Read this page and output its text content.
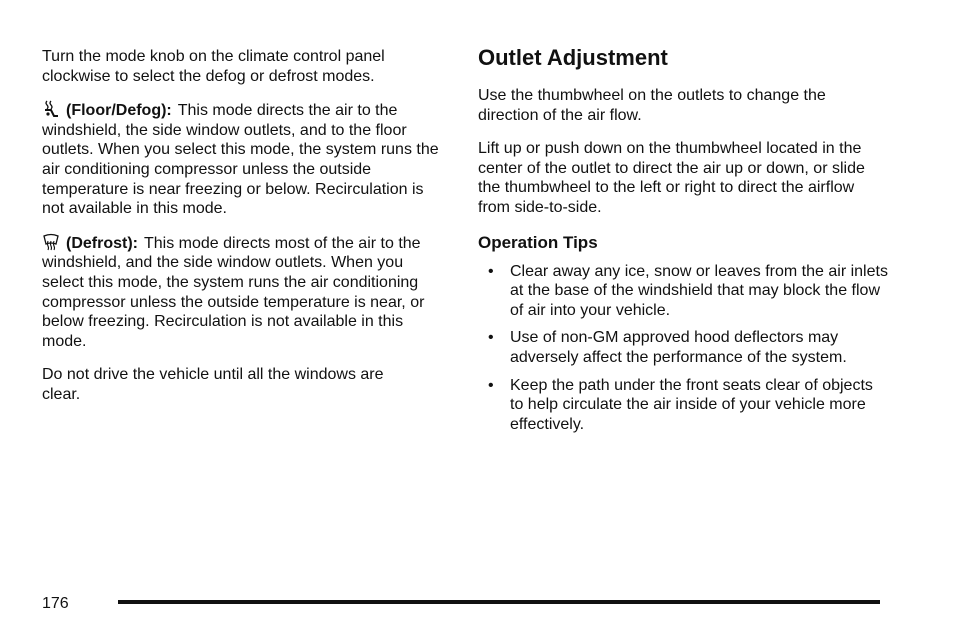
Turn the mode knob on the climate control panel clockwise to select the defog or defrost modes.

(Floor/Defog): This mode directs the air to the windshield, the side window outlets, and to the floor outlets. When you select this mode, the system runs the air conditioning compressor unless the outside temperature is near freezing or below. Recirculation is not available in this mode.

(Defrost): This mode directs most of the air to the windshield, and the side window outlets. When you select this mode, the system runs the air conditioning compressor unless the outside temperature is near, or below freezing. Recirculation is not available in this mode.

Do not drive the vehicle until all the windows are clear.

Outlet Adjustment

Use the thumbwheel on the outlets to change the direction of the air flow.

Lift up or push down on the thumbwheel located in the center of the outlet to direct the air up or down, or slide the thumbwheel to the left or right to direct the airflow from side-to-side.

Operation Tips
• Clear away any ice, snow or leaves from the air inlets at the base of the windshield that may block the flow of air into your vehicle.
• Use of non-GM approved hood deflectors may adversely affect the performance of the system.
• Keep the path under the front seats clear of objects to help circulate the air inside of your vehicle more effectively.
176
